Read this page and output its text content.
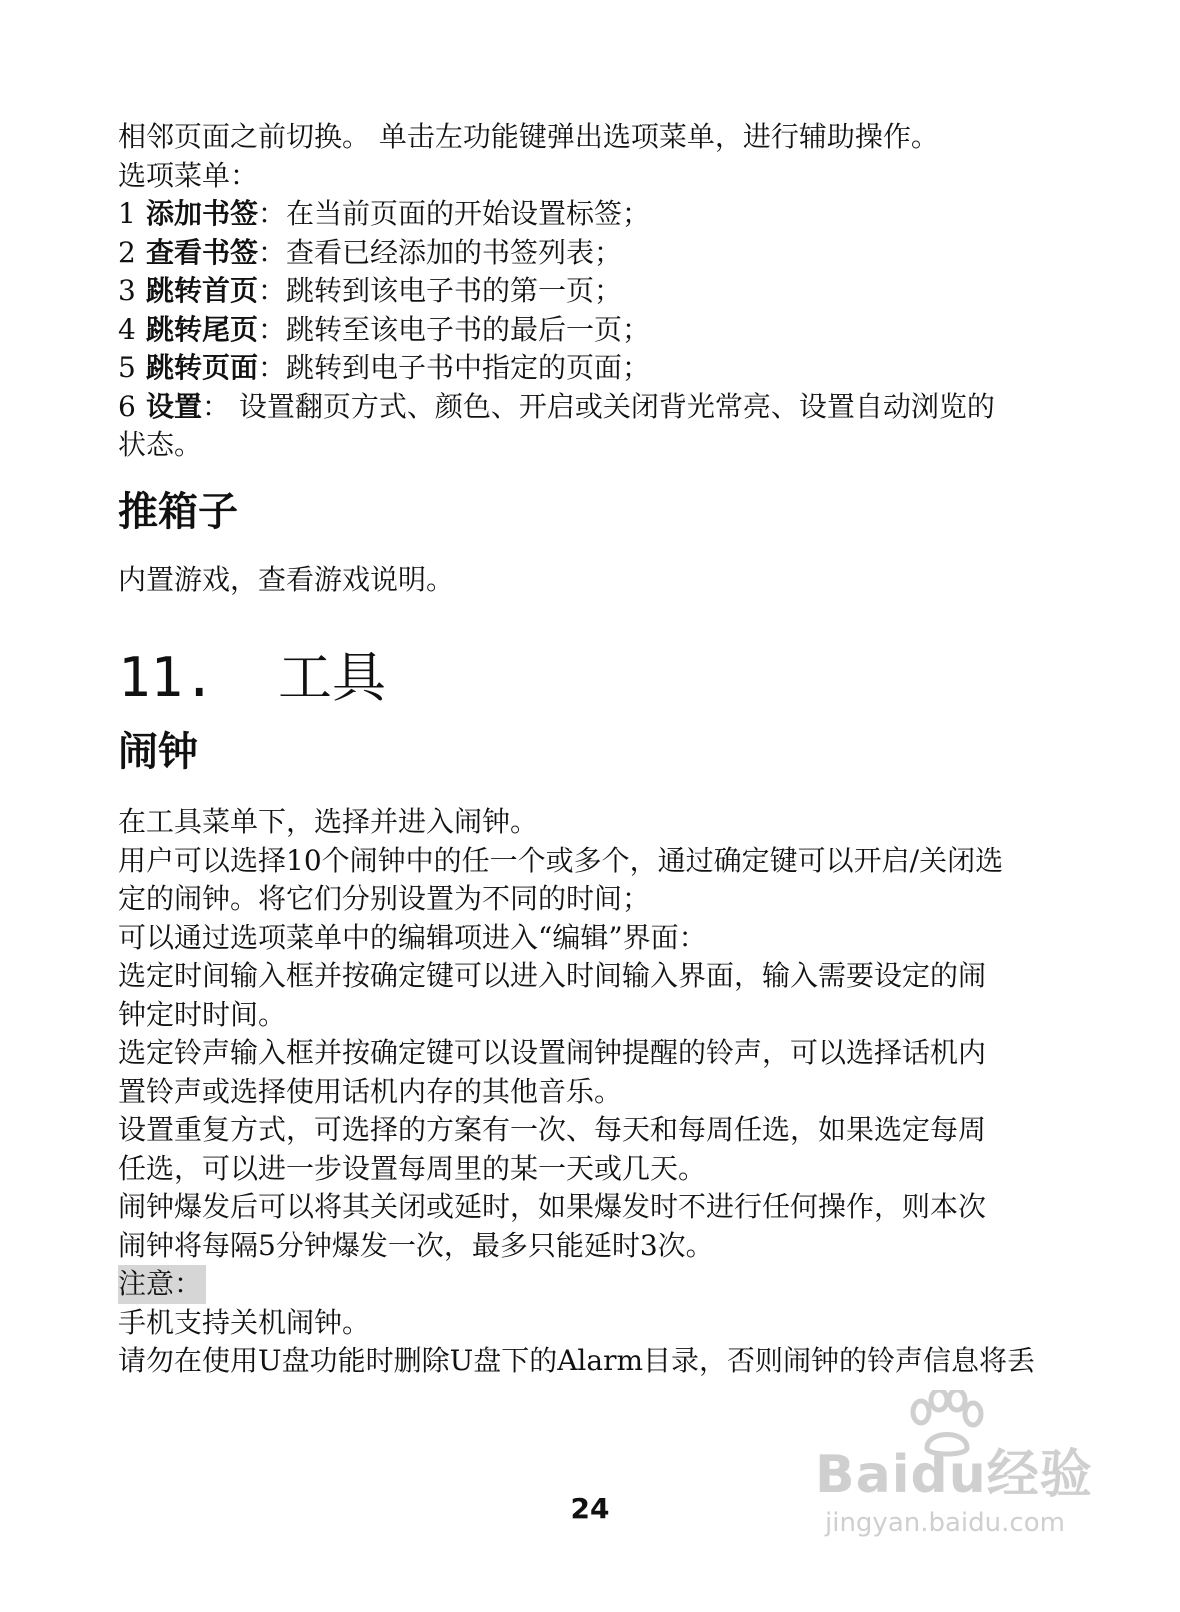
相邻页面之前切换。 单击左功能键弹出选项菜单，进行辅助操作。
选项菜单：
1 添加书签：在当前页面的开始设置标签；
2 查看书签：查看已经添加的书签列表；
3 跳转首页：跳转到该电子书的第一页；
4 跳转尾页：跳转至该电子书的最后一页；
5 跳转页面：跳转到电子书中指定的页面；
6 设置： 设置翻页方式、颜色、开启或关闭背光常亮、设置自动浏览的
状态。
推箱子
内置游戏，查看游戏说明。
11. 工具
闹钟
在工具菜单下，选择并进入闹钟。
用户可以选择10个闹钟中的任一个或多个，通过确定键可以开启/关闭选
定的闹钟。将它们分别设置为不同的时间；
可以通过选项菜单中的编辑项进入“编辑”界面：
选定时间输入框并按确定键可以进入时间输入界面，输入需要设定的闹
钟定时时间。
选定铃声输入框并按确定键可以设置闹钟提醒的铃声，可以选择话机内
置铃声或选择使用话机内存的其他音乐。
设置重复方式，可选择的方案有一次、每天和每周任选，如果选定每周
任选，可以进一步设置每周里的某一天或几天。
闹钟爆发后可以将其关闭或延时，如果爆发时不进行任何操作，则本次
闹钟将每隔5分钟爆发一次，最多只能延时3次。
注意：
手机支持关机闹钟。
请勿在使用U盘功能时删除U盘下的Alarm目录，否则闹钟的铃声信息将丢
24
Baidu经验
jingyan.baidu.com
